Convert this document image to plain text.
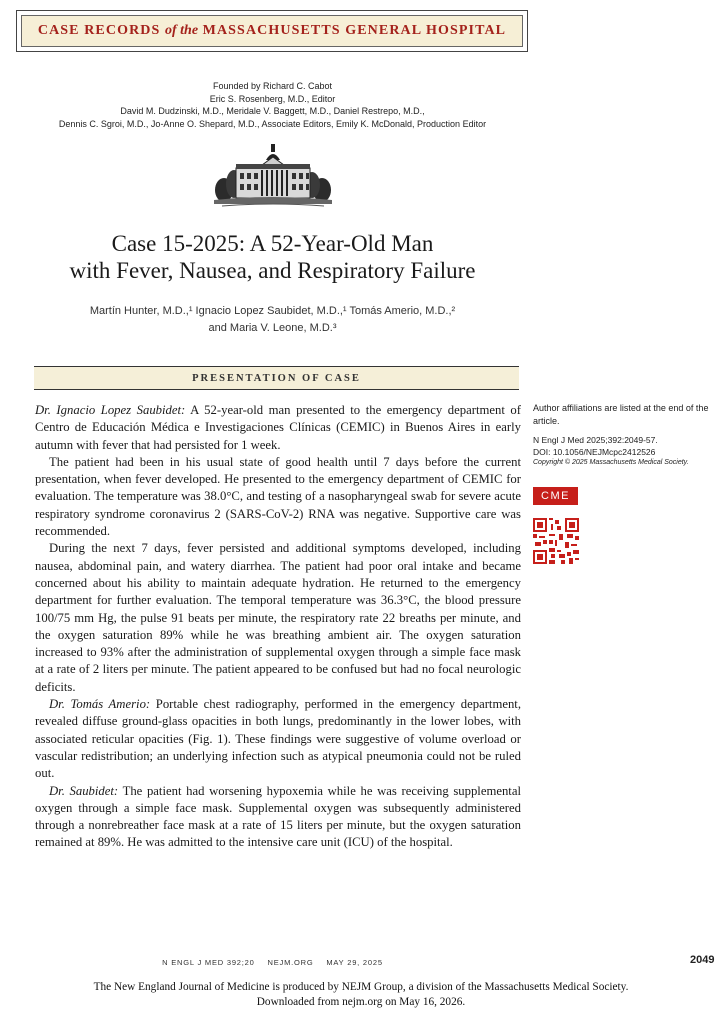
CASE RECORDS of the MASSACHUSETTS GENERAL HOSPITAL
Founded by Richard C. Cabot
Eric S. Rosenberg, M.D., Editor
David M. Dudzinski, M.D., Meridale V. Baggett, M.D., Daniel Restrepo, M.D.,
Dennis C. Sgroi, M.D., Jo-Anne O. Shepard, M.D., Associate Editors, Emily K. McDonald, Production Editor
Case 15-2025: A 52-Year-Old Man
with Fever, Nausea, and Respiratory Failure
Martín Hunter, M.D.,¹ Ignacio Lopez Saubidet, M.D.,¹ Tomás Amerio, M.D.,²
and Maria V. Leone, M.D.³
PRESENTATION OF CASE

Dr. Ignacio Lopez Saubidet: A 52-year-old man presented to the emergency department of Centro de Educación Médica e Investigaciones Clínicas (CEMIC) in Buenos Aires in early autumn with fever that had persisted for 1 week.

The patient had been in his usual state of good health until 7 days before the current presentation, when fever developed. He presented to the emergency department of CEMIC for evaluation. The temperature was 38.0°C, and testing of a nasopharyngeal swab for severe acute respiratory syndrome coronavirus 2 (SARS-CoV-2) RNA was negative. Supportive care was recommended.

During the next 7 days, fever persisted and additional symptoms developed, including nausea, abdominal pain, and watery diarrhea. The patient had poor oral intake and became concerned about his ability to maintain adequate hydration. He returned to the emergency department for further evaluation. The temporal temperature was 36.3°C, the blood pressure 100/75 mm Hg, the pulse 91 beats per minute, the respiratory rate 22 breaths per minute, and the oxygen saturation 89% while he was breathing ambient air. The oxygen saturation increased to 93% after the administration of supplemental oxygen through a simple face mask at a rate of 2 liters per minute. The patient appeared to be confused but had no focal neurologic deficits.

Dr. Tomás Amerio: Portable chest radiography, performed in the emergency department, revealed diffuse ground-glass opacities in both lungs, predominantly in the lower lobes, with associated reticular opacities (Fig. 1). These findings were suggestive of volume overload or vascular redistribution; an underlying infection such as atypical pneumonia could not be ruled out.

Dr. Saubidet: The patient had worsening hypoxemia while he was receiving supplemental oxygen through a simple face mask. Supplemental oxygen was subsequently administered through a nonrebreather face mask at a rate of 15 liters per minute, but the oxygen saturation remained at 89%. He was admitted to the intensive care unit (ICU) of the hospital.

Author affiliations are listed at the end of the article.
N Engl J Med 2025;392:2049-57.
DOI: 10.1056/NEJMcpc2412526
Copyright © 2025 Massachusetts Medical Society.
CME
N ENGL J MED 392;20 NEJM.ORG MAY 29, 2025	2049
The New England Journal of Medicine is produced by NEJM Group, a division of the Massachusetts Medical Society.
Downloaded from nejm.org on May 16, 2026.
